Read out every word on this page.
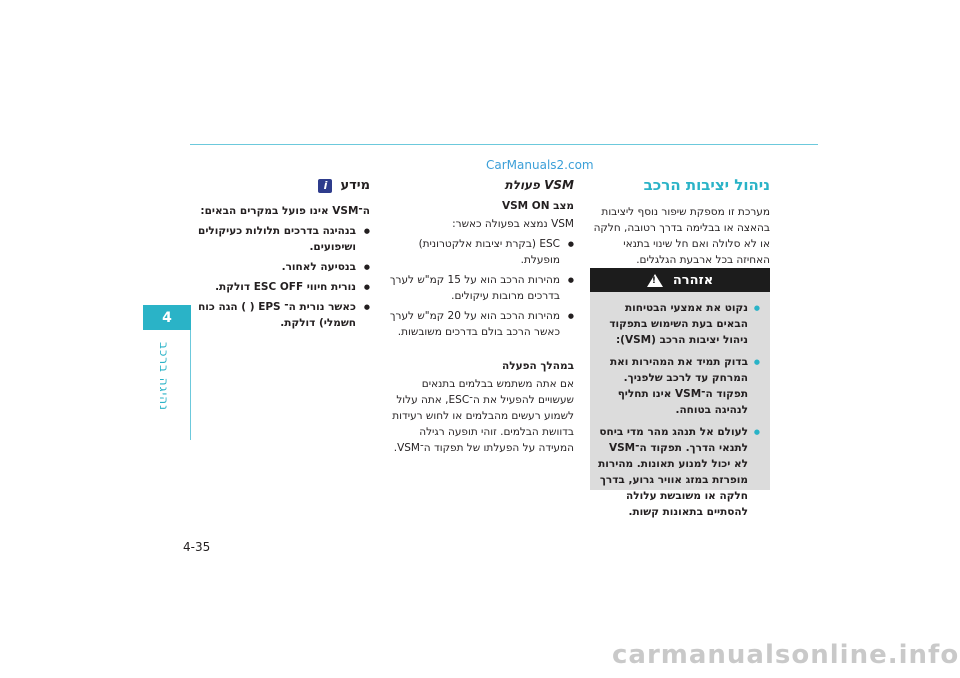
CarManuals2.com
4
נהיגה ברכב
4-35
ניהול יציבות הרכב

מערכת זו מספקת שיפור נוסף ליציבות בהאצה או בבלימה בדרך רטובה, חלקה או לא סלולה ואם חל שינוי בתנאי האחיזה בכל ארבעת הגלגלים.

אזהרה
!
● נקוט את אמצעי הבטיחות הבאים בעת השימוש בתפקוד ניהול יציבות הרכב (VSM):
● בדוק תמיד את המהירות ואת המרחק עד לרכב שלפניך. תפקוד ה־VSM אינו תחליף לנהיגה בטוחה.
● לעולם אל תנהג מהר מדי ביחס לתנאי הדרך. תפקוד ה־VSM לא יכול למנוע תאונות. מהירות מופרזת במזג אוויר גרוע, בדרך חלקה או משובשת עלולה להסתיים בתאונות קשות.
VSM פעולת
מצב VSM ON

VSM נמצא בפעולה כאשר:

● ESC (בקרת יציבות אלקטרונית) מופעלת.
● מהירות הרכב הוא על 15 קמ"ש לערך בדרכים מרובות עיקולים.
● מהירות הרכב הוא על 20 קמ"ש לערך כאשר הרכב בולם בדרכים משובשות.
במהלך הפעלה

אם אתה משתמש בבלמים בתנאים שעשויים להפעיל את ה־ESC, אתה עלול לשמוע רעשים מהבלמים או לחוש רעידות בדוושת הבלמים. זוהי תופעה רגילה המעידה על הפעלתו של תפקוד ה־VSM.

מידע
i

ה־VSM אינו פועל במקרים הבאים:

● בנהיגה בדרכים תלולות כעיקולים ושיפועים.
● בנסיעה לאחור.
● נורית חיווי ESC OFF דולקת.
● כאשר נורית ה־ EPS ( ) הגה כוח חשמלי) דולקת.
carmanualsonline.info
